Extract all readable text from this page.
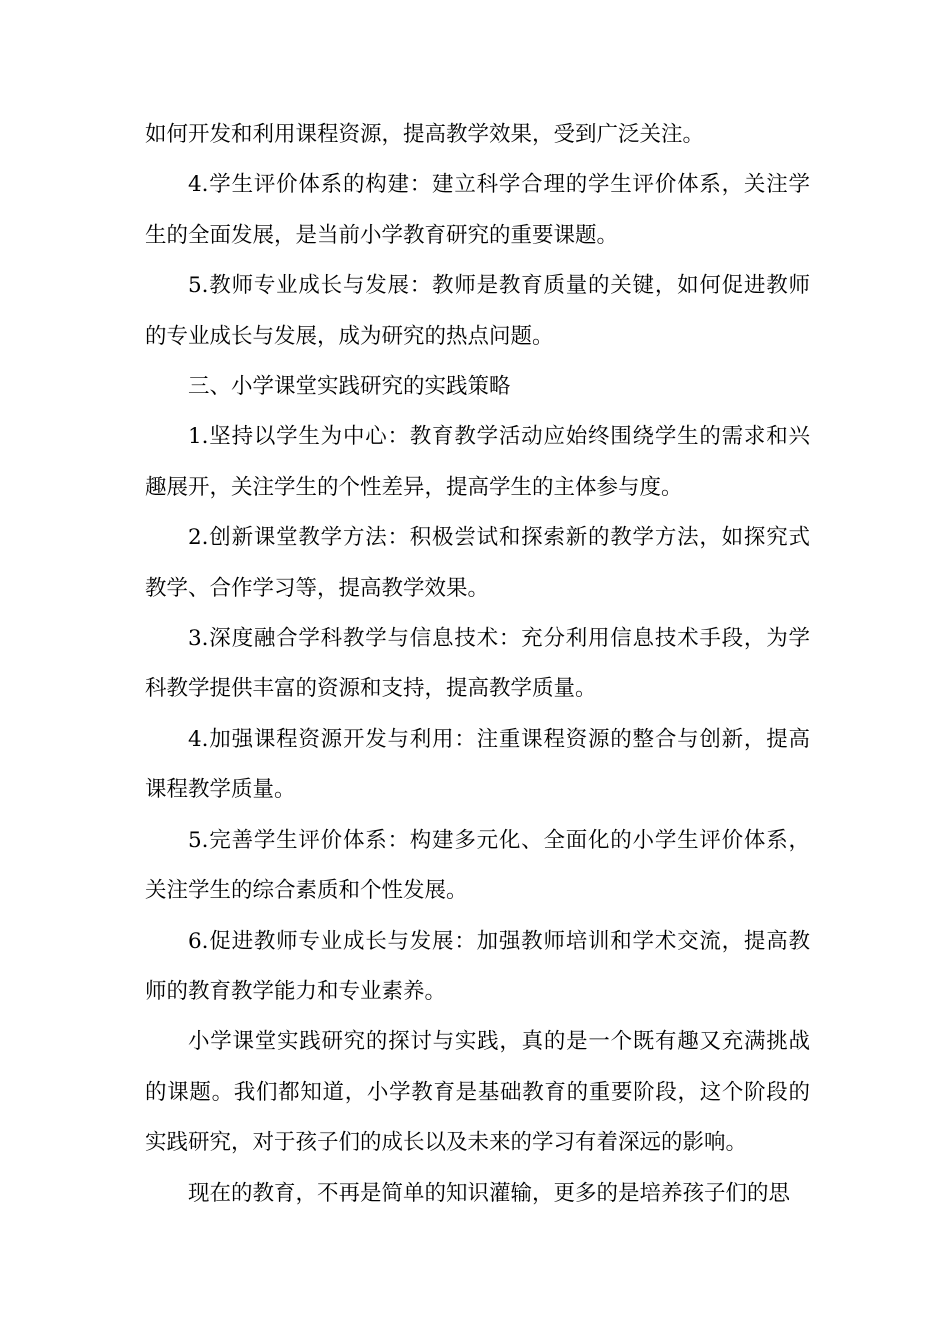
如何开发和利用课程资源，提高教学效果，受到广泛关注。

4.学生评价体系的构建：建立科学合理的学生评价体系，关注学生的全面发展，是当前小学教育研究的重要课题。

5.教师专业成长与发展：教师是教育质量的关键，如何促进教师的专业成长与发展，成为研究的热点问题。

三、小学课堂实践研究的实践策略

1.坚持以学生为中心：教育教学活动应始终围绕学生的需求和兴趣展开，关注学生的个性差异，提高学生的主体参与度。

2.创新课堂教学方法：积极尝试和探索新的教学方法，如探究式教学、合作学习等，提高教学效果。

3.深度融合学科教学与信息技术：充分利用信息技术手段，为学科教学提供丰富的资源和支持，提高教学质量。

4.加强课程资源开发与利用：注重课程资源的整合与创新，提高课程教学质量。

5.完善学生评价体系：构建多元化、全面化的小学生评价体系，关注学生的综合素质和个性发展。

6.促进教师专业成长与发展：加强教师培训和学术交流，提高教师的教育教学能力和专业素养。

小学课堂实践研究的探讨与实践，真的是一个既有趣又充满挑战的课题。我们都知道，小学教育是基础教育的重要阶段，这个阶段的实践研究，对于孩子们的成长以及未来的学习有着深远的影响。

现在的教育，不再是简单的知识灌输，更多的是培养孩子们的思
